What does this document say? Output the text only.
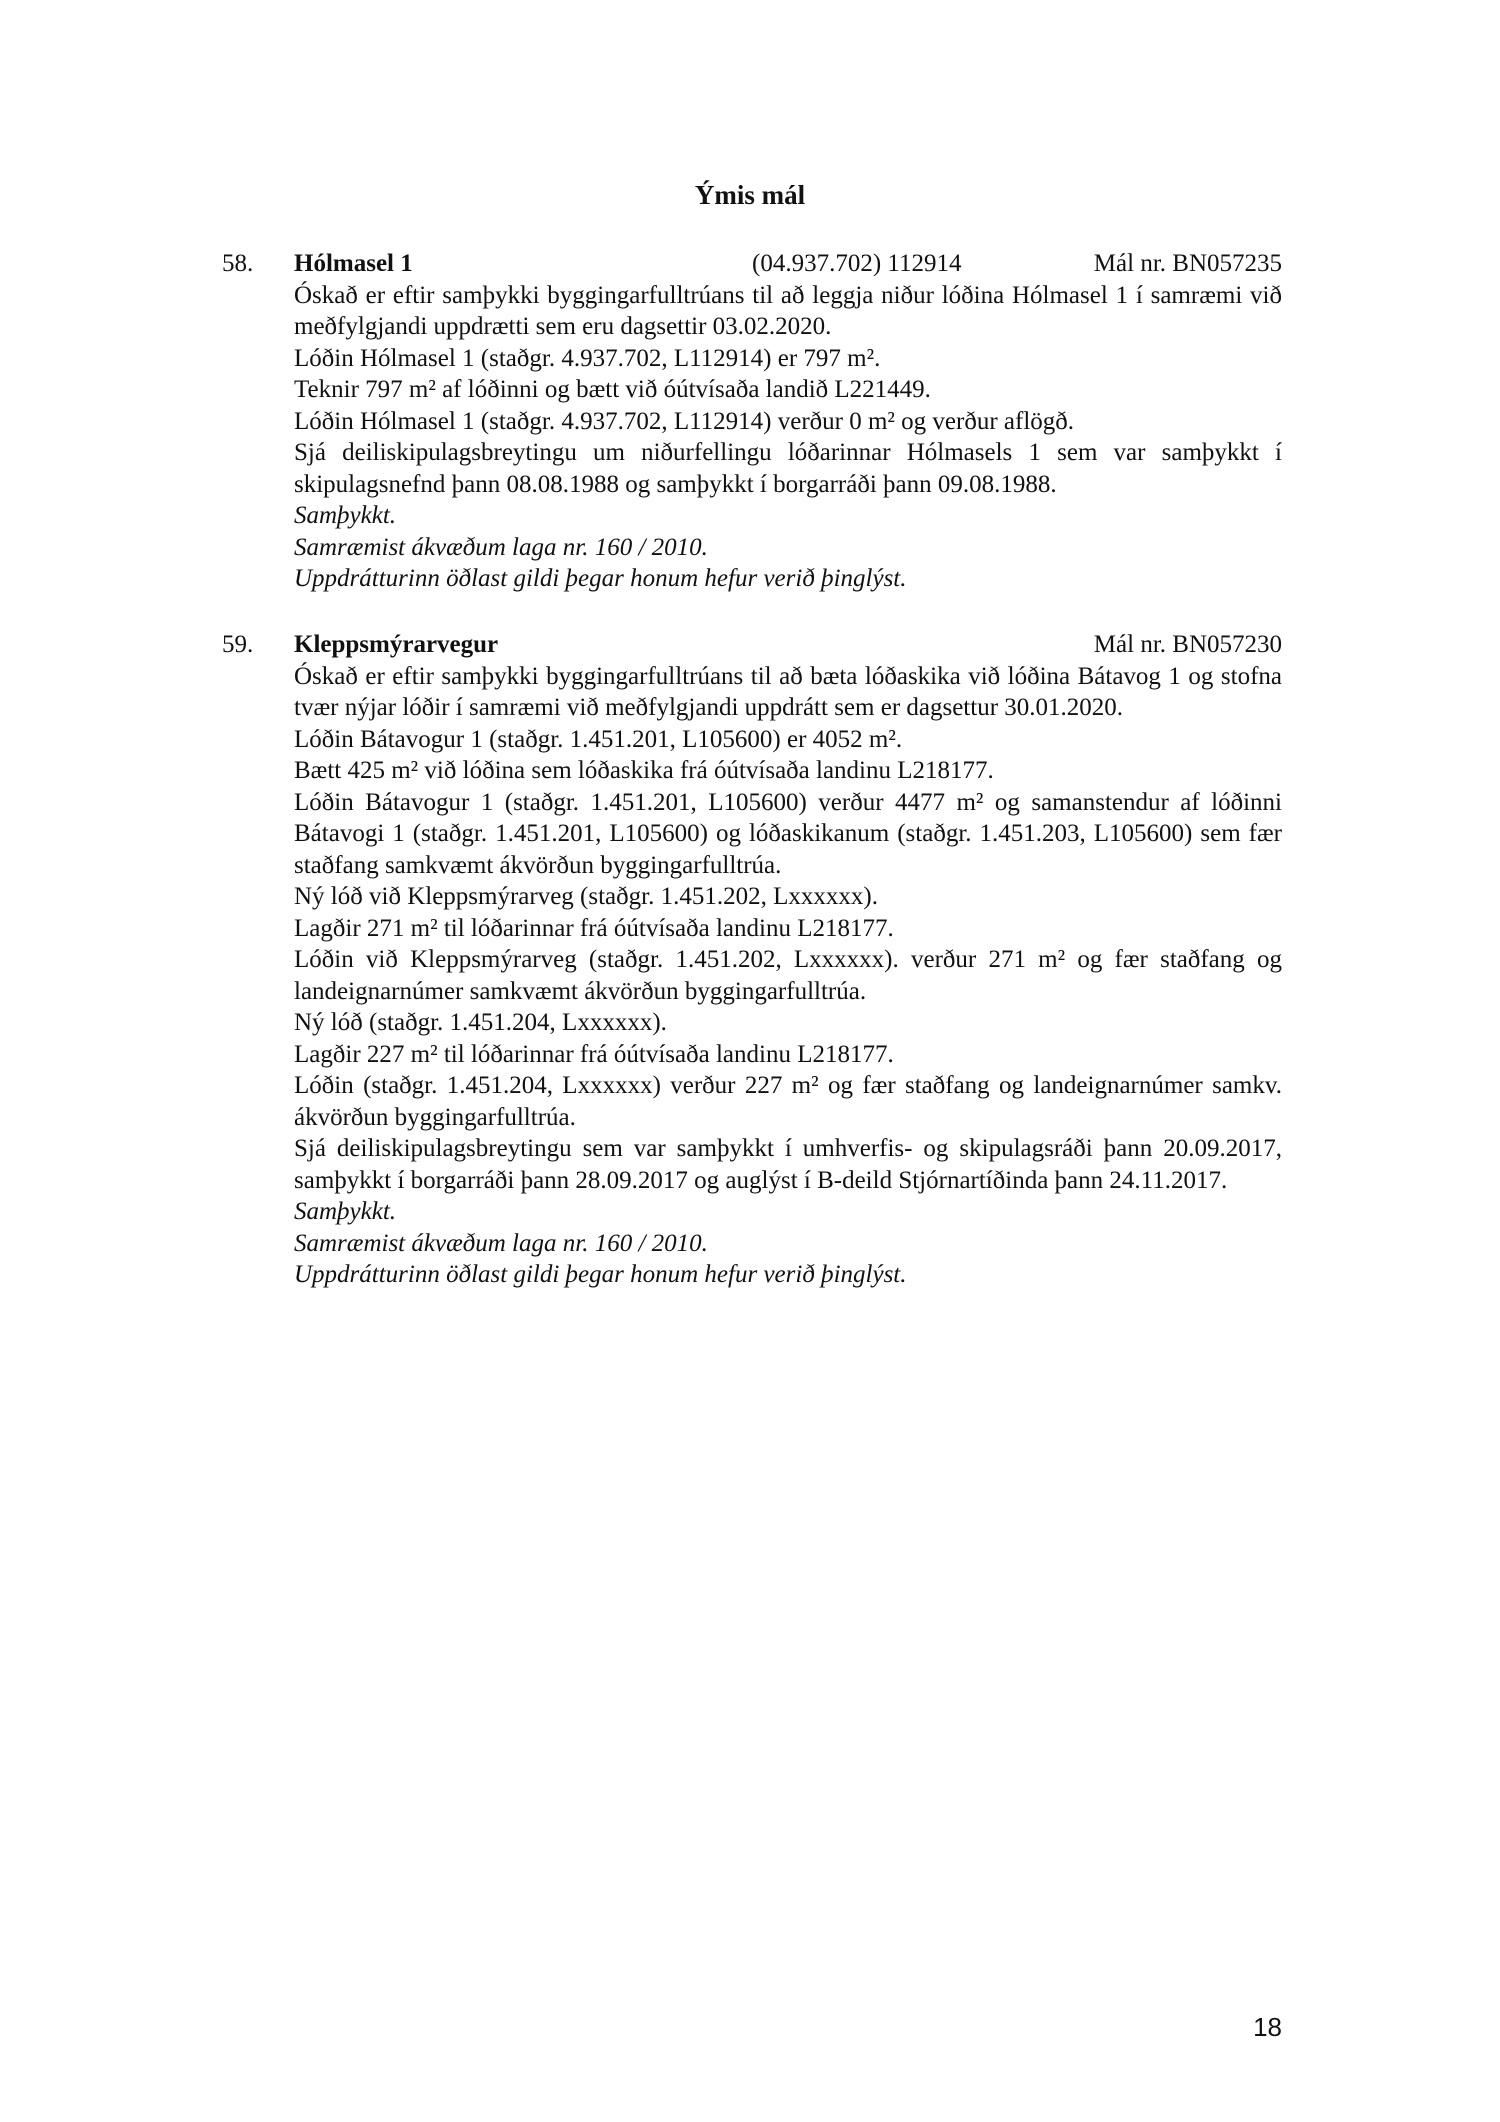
Ýmis mál
58. Hólmasel 1	(04.937.702) 112914	Mál nr. BN057235

Óskað er eftir samþykki byggingarfulltrúans til að leggja niður lóðina Hólmasel 1 í samræmi við meðfylgjandi uppdrætti sem eru dagsettir 03.02.2020.

Lóðin Hólmasel 1 (staðgr. 4.937.702, L112914) er 797 m².

Teknir 797 m² af lóðinni og bætt við óútvísaða landið L221449.

Lóðin Hólmasel 1 (staðgr. 4.937.702, L112914) verður 0 m² og verður aflögð.

Sjá deiliskipulagsbreytingu um niðurfellingu lóðarinnar Hólmasels 1 sem var samþykkt í skipulagsnefnd þann 08.08.1988 og samþykkt í borgarráði þann 09.08.1988.

Samþykkt.

Samræmist ákvæðum laga nr. 160 / 2010.

Uppdrátturinn öðlast gildi þegar honum hefur verið þinglýst.

59. Kleppsmýrarvegur	Mál nr. BN057230

Óskað er eftir samþykki byggingarfulltrúans til að bæta lóðaskika við lóðina Bátavog 1 og stofna tvær nýjar lóðir í samræmi við meðfylgjandi uppdrátt sem er dagsettur 30.01.2020.

Lóðin Bátavogur 1 (staðgr. 1.451.201, L105600) er 4052 m².

Bætt 425 m² við lóðina sem lóðaskika frá óútvísaða landinu L218177.

Lóðin Bátavogur 1 (staðgr. 1.451.201, L105600) verður 4477 m² og samanstendur af lóðinni Bátavogi 1 (staðgr. 1.451.201, L105600) og lóðaskikanum (staðgr. 1.451.203, L105600) sem fær staðfang samkvæmt ákvörðun byggingarfulltrúa.

Ný lóð við Kleppsmýrarveg (staðgr. 1.451.202, Lxxxxxx).

Lagðir 271 m² til lóðarinnar frá óútvísaða landinu L218177.

Lóðin við Kleppsmýrarveg (staðgr. 1.451.202, Lxxxxxx). verður 271 m² og fær staðfang og landeignarnúmer samkvæmt ákvörðun byggingarfulltrúa.

Ný lóð (staðgr. 1.451.204, Lxxxxxx).

Lagðir 227 m² til lóðarinnar frá óútvísaða landinu L218177.

Lóðin (staðgr. 1.451.204, Lxxxxxx) verður 227 m² og fær staðfang og landeignarnúmer samkv. ákvörðun byggingarfulltrúa.

Sjá deiliskipulagsbreytingu sem var samþykkt í umhverfis- og skipulagsráði þann 20.09.2017, samþykkt í borgarráði þann 28.09.2017 og auglýst í B-deild Stjórnartíðinda þann 24.11.2017.

Samþykkt.

Samræmist ákvæðum laga nr. 160 / 2010.

Uppdrátturinn öðlast gildi þegar honum hefur verið þinglýst.

18
